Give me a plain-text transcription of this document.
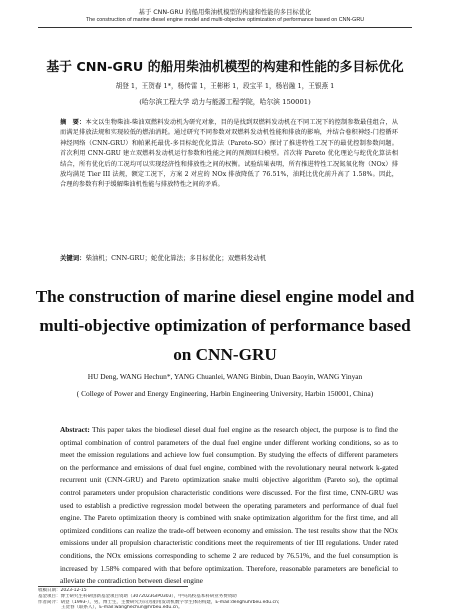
基于 CNN-GRU 的船用柴油机模型的构建和性能的多目标优化
The construction of marine diesel engine model and multi-objective optimization of performance based on CNN-GRU
基于 CNN-GRU 的船用柴油机模型的构建和性能的多目标优化
胡登 1，王贺春 1*，杨传雷 1，王彬彬 1，段宝平 1，杨岩融 1，王银燕 1
(哈尔滨工程大学 动力与能源工程学院，哈尔滨 150001)
摘　要：本文以生物柴油-柴油双燃料发动机为研究对象，目的是找到双燃料发动机在不同工况下的控制参数最佳组合，从而满足排放法规和实现较低的燃油消耗。通过研究不同参数对双燃料发动机性能和排放的影响，并结合卷积神经-门控循环神经网络（CNN-GRU）和帕累托最优-多目标蛇优化算法（Pareto-SO）探讨了推进特性工况下的最优控制参数问题。首次利用 CNN-GRU 建立双燃料发动机运行参数和性能之间的预测回归模型。首次将 Pareto 优化理论与蛇优化算法相结合，所有优化后的工况均可以实现经济性和排放性之间的权衡。试验结果表明，所有推进特性工况氮氧化物（NOx）排放均满足 Tier III 法规，额定工况下，方案 2 对应的 NOx 排放降低了 76.51%，油耗比优化前升高了 1.58%。因此，合理的参数有利于缓解柴油机性能与排放特性之间的矛盾。
关键词：柴油机；CNN-GRU；蛇优化算法；多目标优化；双燃料发动机
The construction of marine diesel engine model and multi-objective optimization of performance based on CNN-GRU
HU Deng, WANG Hechun*, YANG Chuanlei, WANG Binbin, Duan Baoyin, WANG Yinyan
( College of Power and Energy Engineering, Harbin Engineering University, Harbin 150001, China)
Abstract: This paper takes the biodiesel diesel dual fuel engine as the research object, the purpose is to find the optimal combination of control parameters of the dual fuel engine under different working conditions, so as to meet the emission regulations and achieve low fuel consumption. By studying the effects of different parameters on the performance and emissions of dual fuel engine, combined with the revolutionary neural network k-gated recurrent unit (CNN-GRU) and Pareto optimization snake multi objective algorithm (Pareto so), the optimal control parameters under propulsion characteristic conditions were discussed. For the first time, CNN-GRU was used to establish a predictive regression model between the operating parameters and performance of dual fuel engine. The Pareto optimization theory is combined with snake optimization algorithm for the first time, and all optimized conditions can realize the trade-off between economy and emission. The test results show that the NOx emissions under all propulsion characteristic conditions meet the requirements of tier III regulations. Under rated conditions, the NOx emissions corresponding to scheme 2 are reduced by 76.51%, and the fuel consumption is increased by 1.58% compared with that before optimization. Therefore, reasonable parameters are beneficial to alleviate the contradiction between diesel engine
收稿日期：2023-12-15
基金项目：博士研究生科研创新基金项目资助（3072023GIP0303），中央高校基本科研业务费资助
作者简介：胡登（1993-），男，博士生，主要研究方向为船用发动机数字孪生体的构建，E-mail:denghuhrbeu.edu.cn;
王贺春（联系人），E-mail:wanghechun@hrbeu.edu.cn。
